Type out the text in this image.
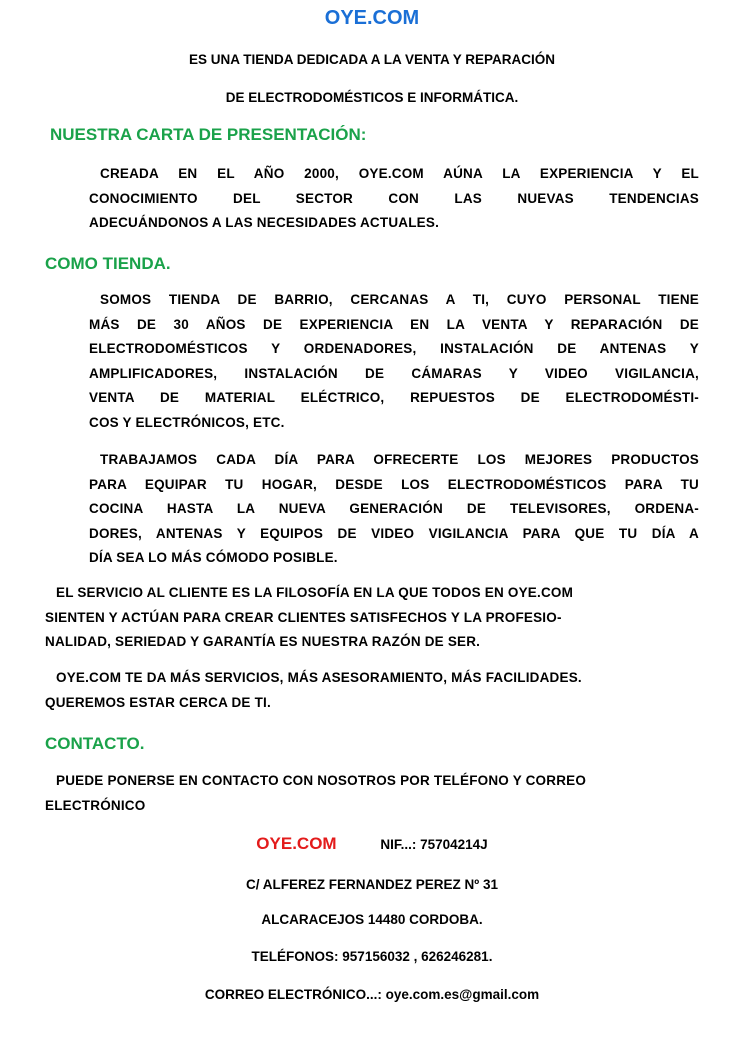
OYE.COM
ES UNA TIENDA DEDICADA A LA VENTA Y REPARACIÓN
DE ELECTRODOMÉSTICOS E INFORMÁTICA.
NUESTRA CARTA DE PRESENTACIÓN:
CREADA EN EL AÑO 2000, OYE.COM AÚNA LA EXPERIENCIA Y EL
CONOCIMIENTO DEL SECTOR CON LAS NUEVAS TENDENCIAS
ADECUÁNDONOS A LAS NECESIDADES ACTUALES.
COMO TIENDA.
SOMOS TIENDA DE BARRIO, CERCANAS A TI, CUYO PERSONAL TIENE
MÁS DE 30 AÑOS DE EXPERIENCIA EN LA VENTA Y REPARACIÓN DE
ELECTRODOMÉSTICOS Y ORDENADORES, INSTALACIÓN DE ANTENAS Y
AMPLIFICADORES, INSTALACIÓN DE CÁMARAS Y VIDEO VIGILANCIA,
VENTA DE MATERIAL ELÉCTRICO, REPUESTOS DE ELECTRODOMÉSTI-
COS Y ELECTRÓNICOS, ETC.
TRABAJAMOS CADA DÍA PARA OFRECERTE LOS MEJORES PRODUCTOS
PARA EQUIPAR TU HOGAR, DESDE LOS ELECTRODOMÉSTICOS PARA TU
COCINA HASTA LA NUEVA GENERACIÓN DE TELEVISORES, ORDENA-
DORES, ANTENAS Y EQUIPOS DE VIDEO VIGILANCIA PARA QUE TU DÍA A
DÍA SEA LO MÁS CÓMODO POSIBLE.
EL SERVICIO AL CLIENTE ES LA FILOSOFÍA EN LA QUE TODOS EN OYE.COM
SIENTEN Y ACTÚAN PARA CREAR CLIENTES SATISFECHOS Y LA PROFESIO-
NALIDAD, SERIEDAD Y GARANTÍA ES NUESTRA RAZÓN DE SER.
OYE.COM TE DA MÁS SERVICIOS, MÁS ASESORAMIENTO, MÁS FACILIDADES.
QUEREMOS ESTAR CERCA DE TI.
CONTACTO.
PUEDE PONERSE EN CONTACTO CON NOSOTROS POR TELÉFONO Y CORREO
ELECTRÓNICO
OYE.COM	NIF...: 75704214J
C/ ALFEREZ FERNANDEZ PEREZ Nº 31
ALCARACEJOS 14480 CORDOBA.
TELÉFONOS: 957156032 , 626246281.
CORREO ELECTRÓNICO...: oye.com.es@gmail.com
